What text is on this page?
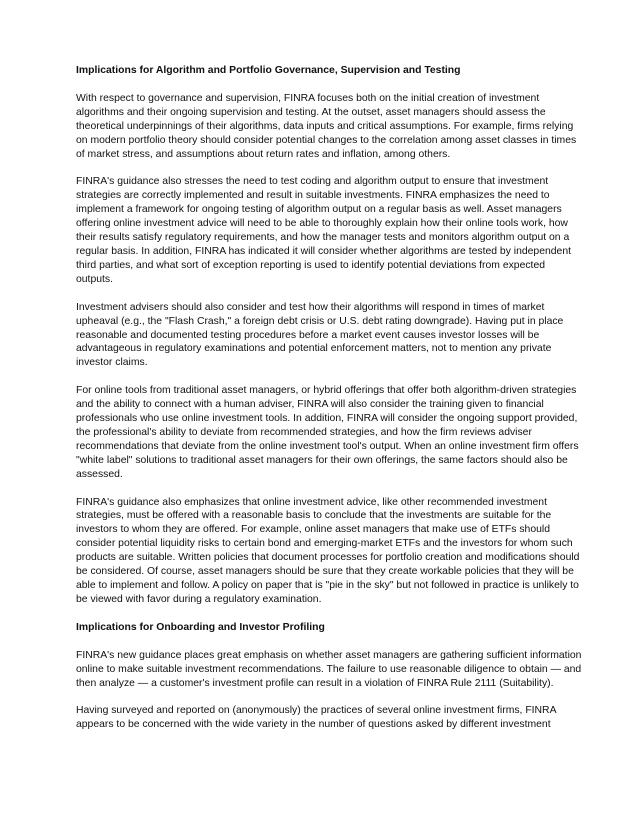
Implications for Algorithm and Portfolio Governance, Supervision and Testing
With respect to governance and supervision, FINRA focuses both on the initial creation of investment algorithms and their ongoing supervision and testing. At the outset, asset managers should assess the theoretical underpinnings of their algorithms, data inputs and critical assumptions. For example, firms relying on modern portfolio theory should consider potential changes to the correlation among asset classes in times of market stress, and assumptions about return rates and inflation, among others.
FINRA's guidance also stresses the need to test coding and algorithm output to ensure that investment strategies are correctly implemented and result in suitable investments. FINRA emphasizes the need to implement a framework for ongoing testing of algorithm output on a regular basis as well. Asset managers offering online investment advice will need to be able to thoroughly explain how their online tools work, how their results satisfy regulatory requirements, and how the manager tests and monitors algorithm output on a regular basis. In addition, FINRA has indicated it will consider whether algorithms are tested by independent third parties, and what sort of exception reporting is used to identify potential deviations from expected outputs.
Investment advisers should also consider and test how their algorithms will respond in times of market upheaval (e.g., the "Flash Crash," a foreign debt crisis or U.S. debt rating downgrade). Having put in place reasonable and documented testing procedures before a market event causes investor losses will be advantageous in regulatory examinations and potential enforcement matters, not to mention any private investor claims.
For online tools from traditional asset managers, or hybrid offerings that offer both algorithm-driven strategies and the ability to connect with a human adviser, FINRA will also consider the training given to financial professionals who use online investment tools. In addition, FINRA will consider the ongoing support provided, the professional's ability to deviate from recommended strategies, and how the firm reviews adviser recommendations that deviate from the online investment tool's output. When an online investment firm offers "white label" solutions to traditional asset managers for their own offerings, the same factors should also be assessed.
FINRA's guidance also emphasizes that online investment advice, like other recommended investment strategies, must be offered with a reasonable basis to conclude that the investments are suitable for the investors to whom they are offered. For example, online asset managers that make use of ETFs should consider potential liquidity risks to certain bond and emerging-market ETFs and the investors for whom such products are suitable. Written policies that document processes for portfolio creation and modifications should be considered. Of course, asset managers should be sure that they create workable policies that they will be able to implement and follow. A policy on paper that is "pie in the sky" but not followed in practice is unlikely to be viewed with favor during a regulatory examination.
Implications for Onboarding and Investor Profiling
FINRA's new guidance places great emphasis on whether asset managers are gathering sufficient information online to make suitable investment recommendations. The failure to use reasonable diligence to obtain — and then analyze — a customer's investment profile can result in a violation of FINRA Rule 2111 (Suitability).
Having surveyed and reported on (anonymously) the practices of several online investment firms, FINRA appears to be concerned with the wide variety in the number of questions asked by different investment
